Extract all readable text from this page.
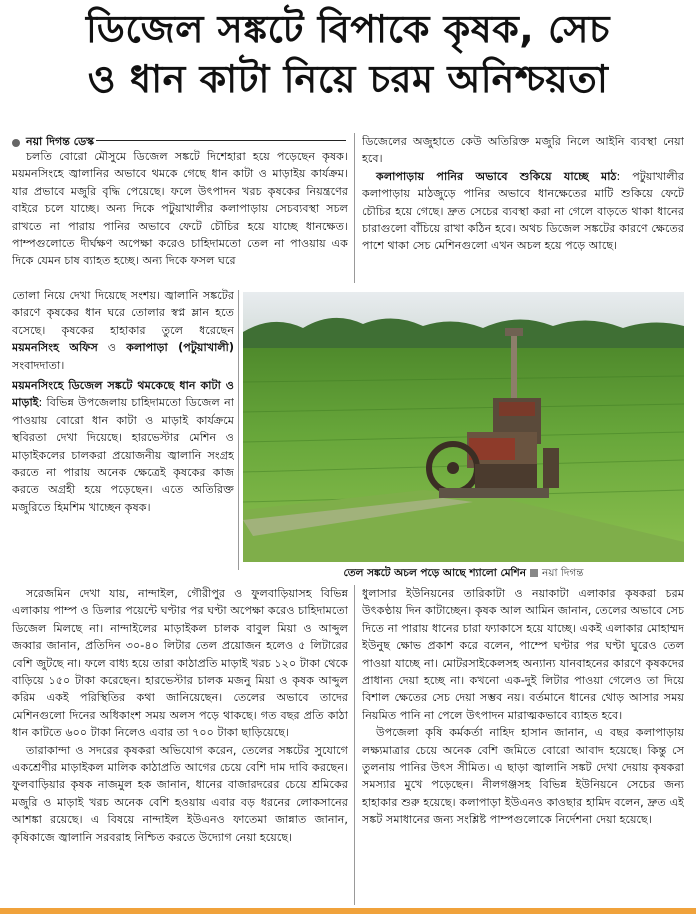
ডিজেল সঙ্কটে বিপাকে কৃষক, সেচ
ও ধান কাটা নিয়ে চরম অনিশ্চয়তা
নয়া দিগন্ত ডেস্ক

চলতি বোরো মৌসুমে ডিজেল সঙ্কটে দিশেহারা হয়ে পড়েছেন কৃষক। ময়মনসিংহে জ্বালানির অভাবে থমকে গেছে ধান কাটা ও মাড়াইয় কার্যক্রম। যার প্রভাবে মজুরি বৃদ্ধি পেয়েছে। ফলে উৎপাদন খরচ কৃষকের নিয়ন্ত্রণের বাইরে চলে যাচ্ছে। অন্য দিকে পটুয়াখালীর কলাপাড়ায় সেচব্যবস্থা সচল রাখতে না পারায় পানির অভাবে ফেটে চৌচির হয়ে যাচ্ছে ধানক্ষেত। পাম্পগুলোতে দীর্ঘক্ষণ অপেক্ষা করেও চাহিদামতো তেল না পাওয়ায় এক দিকে যেমন চাষ ব্যাহত হচ্ছে। অন্য দিকে ফসল ঘরে

তোলা নিয়ে দেখা দিয়েছে সংশয়। জ্বালানি সঙ্কটের কারণে কৃষকের ধান ঘরে তোলার স্বপ্ন ম্লান হতে বসেছে। কৃষকের হাহাকার তুলে ধরেছেন ময়মনসিংহ অফিস ও কলাপাড়া (পটুয়াখালী) সংবাদদাতা।

ময়মনসিংহে ডিজেল সঙ্কটে থমকেছে ধান কাটা ও মাড়াই: বিভিন্ন উপজেলায় চাহিদামতো ডিজেল না পাওয়ায় বোরো ধান কাটা ও মাড়াই কার্যক্রমে স্থবিরতা দেখা দিয়েছে। হারভেস্টার মেশিন ও মাড়াইকলের চালকরা প্রয়োজনীয় জ্বালানি সংগ্রহ করতে না পারায় অনেক ক্ষেত্রেই কৃষকের কাজ করতে অগ্রহী হয়ে পড়েছেন। এতে অতিরিক্ত মজুরিতে হিমশিম খাচ্ছেন কৃষক।

সরেজমিন দেখা যায়, নান্দাইল, গৌরীপুর ও ফুলবাড়িয়াসহ বিভিন্ন এলাকায় পাম্প ও ডিলার পয়েন্টে ঘণ্টার পর ঘণ্টা অপেক্ষা করেও চাহিদামতো ডিজেল মিলছে না। নান্দাইলের মাড়াইকল চালক বাবুল মিয়া ও আব্দুল জব্বার জানান, প্রতিদিন ৩০-৪০ লিটার তেল প্রয়োজন হলেও ৫ লিটারের বেশি জুটছে না। ফলে বাধ্য হয়ে তারা কাঠাপ্রতি মাড়াই খরচ ১২০ টাকা থেকে বাড়িয়ে ১৫০ টাকা করেছেন। হারভেস্টার চালক মজনু মিয়া ও কৃষক আব্দুল করিম একই পরিস্থিতির কথা জানিয়েছেন। তেলের অভাবে তাদের মেশিনগুলো দিনের অধিকাংশ সময় অলস পড়ে থাকছে। গত বছর প্রতি কাঠা ধান কাটতে ৬০০ টাকা নিলেও এবার তা ৭০০ টাকা ছাড়িয়েছে।

তারাকান্দা ও সদরের কৃষকরা অভিযোগ করেন, তেলের সঙ্কটের সুযোগে একশ্রেণীর মাড়াইকল মালিক কাঠাপ্রতি আগের চেয়ে বেশি দাম দাবি করছেন। ফুলবাড়িয়ার কৃষক নাজমুল হক জানান, ধানের বাজারদরের চেয়ে শ্রমিকের মজুরি ও মাড়াই খরচ অনেক বেশি হওয়ায় এবার বড় ধরনের লোকসানের আশঙ্কা রয়েছে। এ বিষয়ে নান্দাইল ইউএনও ফাতেমা জান্নাত জানান, কৃষিকাজে জ্বালানি সরবরাহ নিশ্চিত করতে উদ্যোগ নেয়া হয়েছে।

ডিজেলের অজুহাতে কেউ অতিরিক্ত মজুরি নিলে আইনি ব্যবস্থা নেয়া হবে।

কলাপাড়ায় পানির অভাবে শুকিয়ে যাচ্ছে মাঠ: পটুয়াখালীর কলাপাড়ায় মাঠজুড়ে পানির অভাবে ধানক্ষেতের মাটি শুকিয়ে ফেটে চৌচির হয়ে গেছে। দ্রুত সেচের ব্যবস্থা করা না গেলে বাড়তে থাকা ধানের চারাগুলো বাঁচিয়ে রাখা কঠিন হবে। অথচ ডিজেল সঙ্কটের কারণে ক্ষেতের পাশে থাকা সেচ মেশিনগুলো এখন অচল হয়ে পড়ে আছে।

তেল সঙ্কটে অচল পড়ে আছে শ্যালো মেশিন নয়া দিগন্ত

ধুলাসার ইউনিয়নের তারিকাটা ও নয়াকাটা এলাকার কৃষকরা চরম উৎকণ্ঠায় দিন কাটাচ্ছেন। কৃষক আল আমিন জানান, তেলের অভাবে সেচ দিতে না পারায় ধানের চারা ফ্যাকাসে হয়ে যাচ্ছে। একই এলাকার মোহাম্মদ ইউনুছ ক্ষোভ প্রকাশ করে বলেন, পাম্পে ঘণ্টার পর ঘণ্টা ঘুরেও তেল পাওয়া যাচ্ছে না। মোটরসাইকেলসহ অন্যান্য যানবাহনের কারণে কৃষকদের প্রাধান্য দেয়া হচ্ছে না। কখনো এক-দুই লিটার পাওয়া গেলেও তা দিয়ে বিশাল ক্ষেতের সেচ দেয়া সম্ভব নয়। বর্তমানে ধানের থোড় আসার সময় নিয়মিত পানি না পেলে উৎপাদন মারাত্মকভাবে ব্যাহত হবে।

উপজেলা কৃষি কর্মকর্তা নাহিদ হাসান জানান, এ বছর কলাপাড়ায় লক্ষ্যমাত্রার চেয়ে অনেক বেশি জমিতে বোরো আবাদ হয়েছে। কিন্তু সে তুলনায় পানির উৎস সীমিত। এ ছাড়া জ্বালানি সঙ্কট দেখা দেয়ায় কৃষকরা সমস্যার মুখে পড়েছেন। নীলগঞ্জসহ বিভিন্ন ইউনিয়নে সেচের জন্য হাহাকার শুরু হয়েছে। কলাপাড়া ইউএনও কাওছার হামিদ বলেন, দ্রুত এই সঙ্কট সমাধানের জন্য সংশ্লিষ্ট পাম্পগুলোকে নির্দেশনা দেয়া হয়েছে।
